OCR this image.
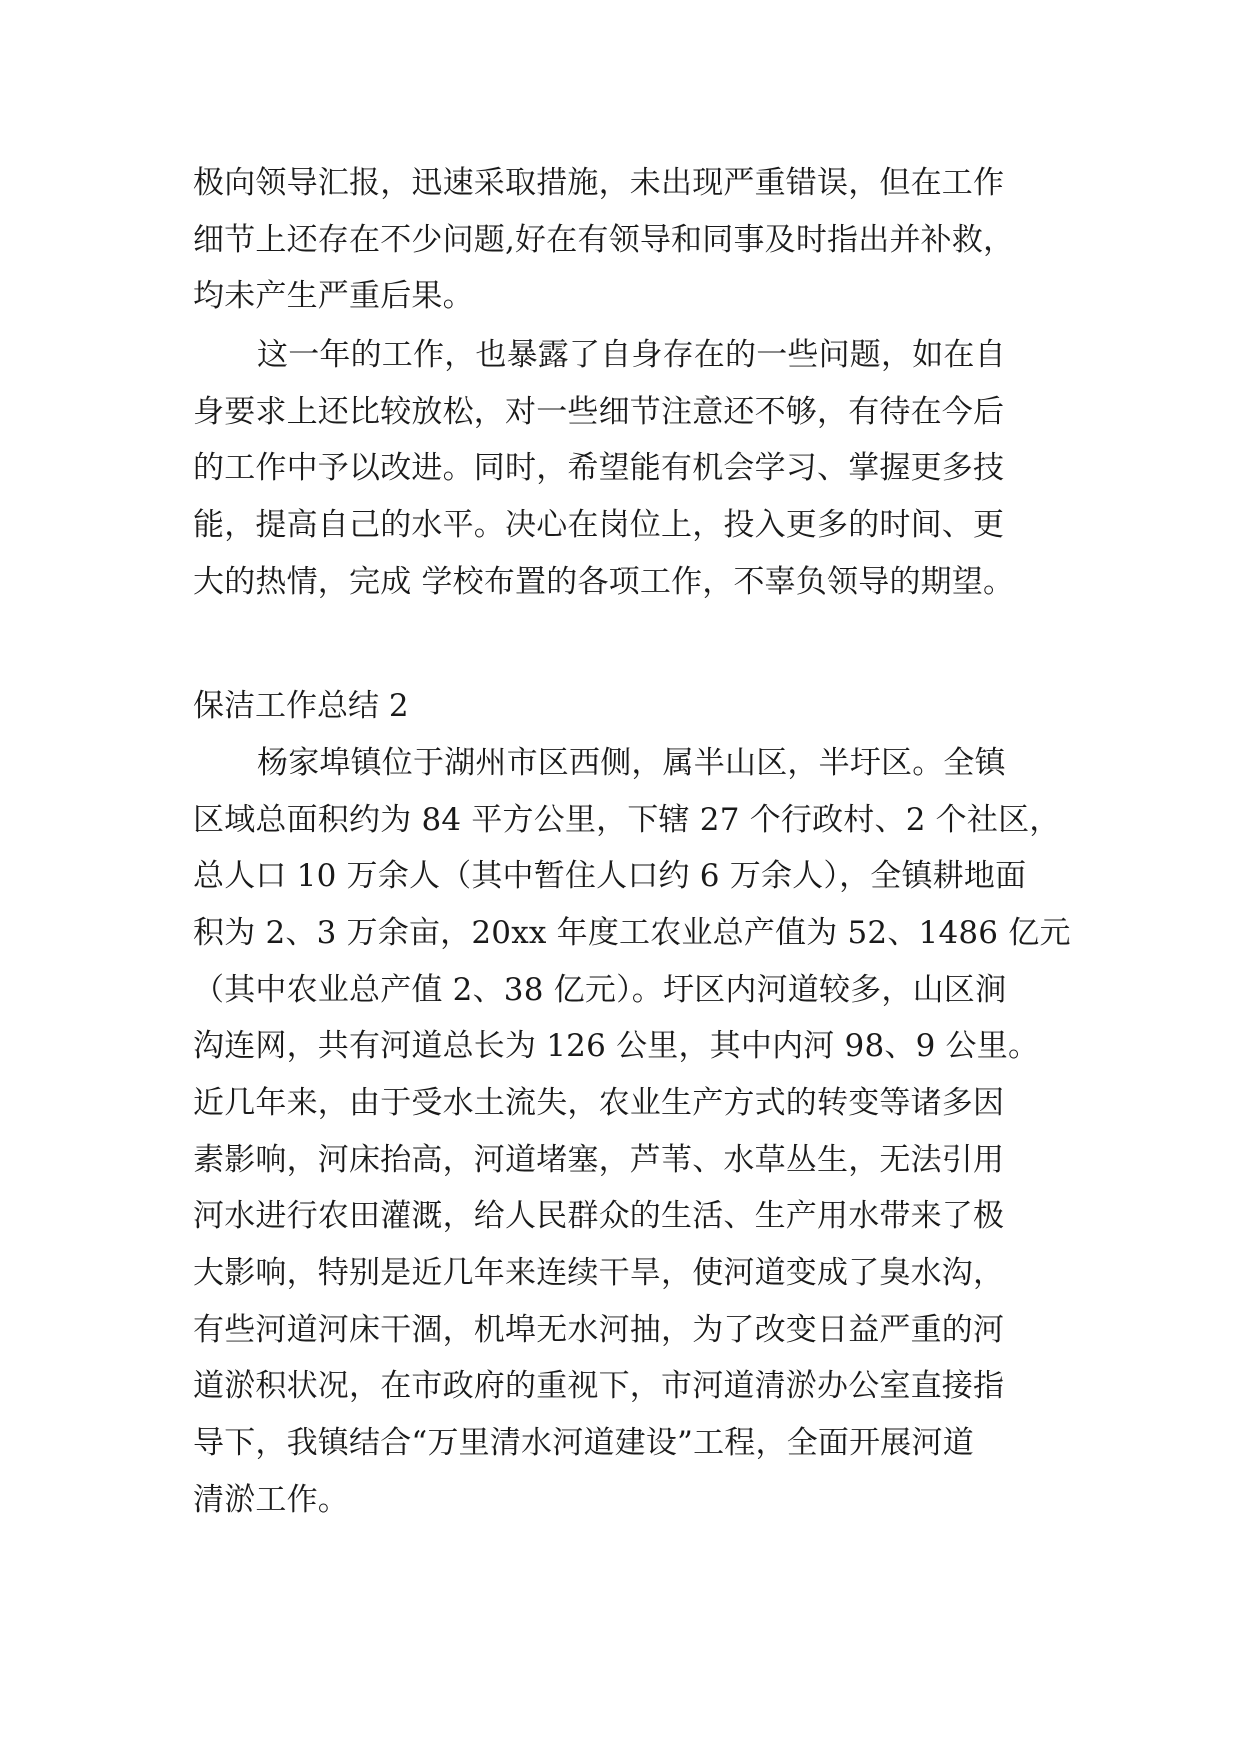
极向领导汇报，迅速采取措施，未出现严重错误，但在工作
细节上还存在不少问题,好在有领导和同事及时指出并补救，
均未产生严重后果。
这一年的工作，也暴露了自身存在的一些问题，如在自
身要求上还比较放松，对一些细节注意还不够，有待在今后
的工作中予以改进。同时，希望能有机会学习、掌握更多技
能，提高自己的水平。决心在岗位上，投入更多的时间、更
大的热情，完成 学校布置的各项工作，不辜负领导的期望。
保洁工作总结 2
杨家埠镇位于湖州市区西侧，属半山区，半圩区。全镇
区域总面积约为 84 平方公里，下辖 27 个行政村、2 个社区，
总人口 10 万余人（其中暂住人口约 6 万余人），全镇耕地面
积为 2、3 万余亩，20xx 年度工农业总产值为 52、1486 亿元
（其中农业总产值 2、38 亿元）。圩区内河道较多，山区涧
沟连网，共有河道总长为 126 公里，其中内河 98、9 公里。
近几年来，由于受水土流失，农业生产方式的转变等诸多因
素影响，河床抬高，河道堵塞，芦苇、水草丛生，无法引用
河水进行农田灌溉，给人民群众的生活、生产用水带来了极
大影响，特别是近几年来连续干旱，使河道变成了臭水沟，
有些河道河床干涸，机埠无水河抽，为了改变日益严重的河
道淤积状况，在市政府的重视下，市河道清淤办公室直接指
导下，我镇结合“万里清水河道建设”工程，全面开展河道
清淤工作。
